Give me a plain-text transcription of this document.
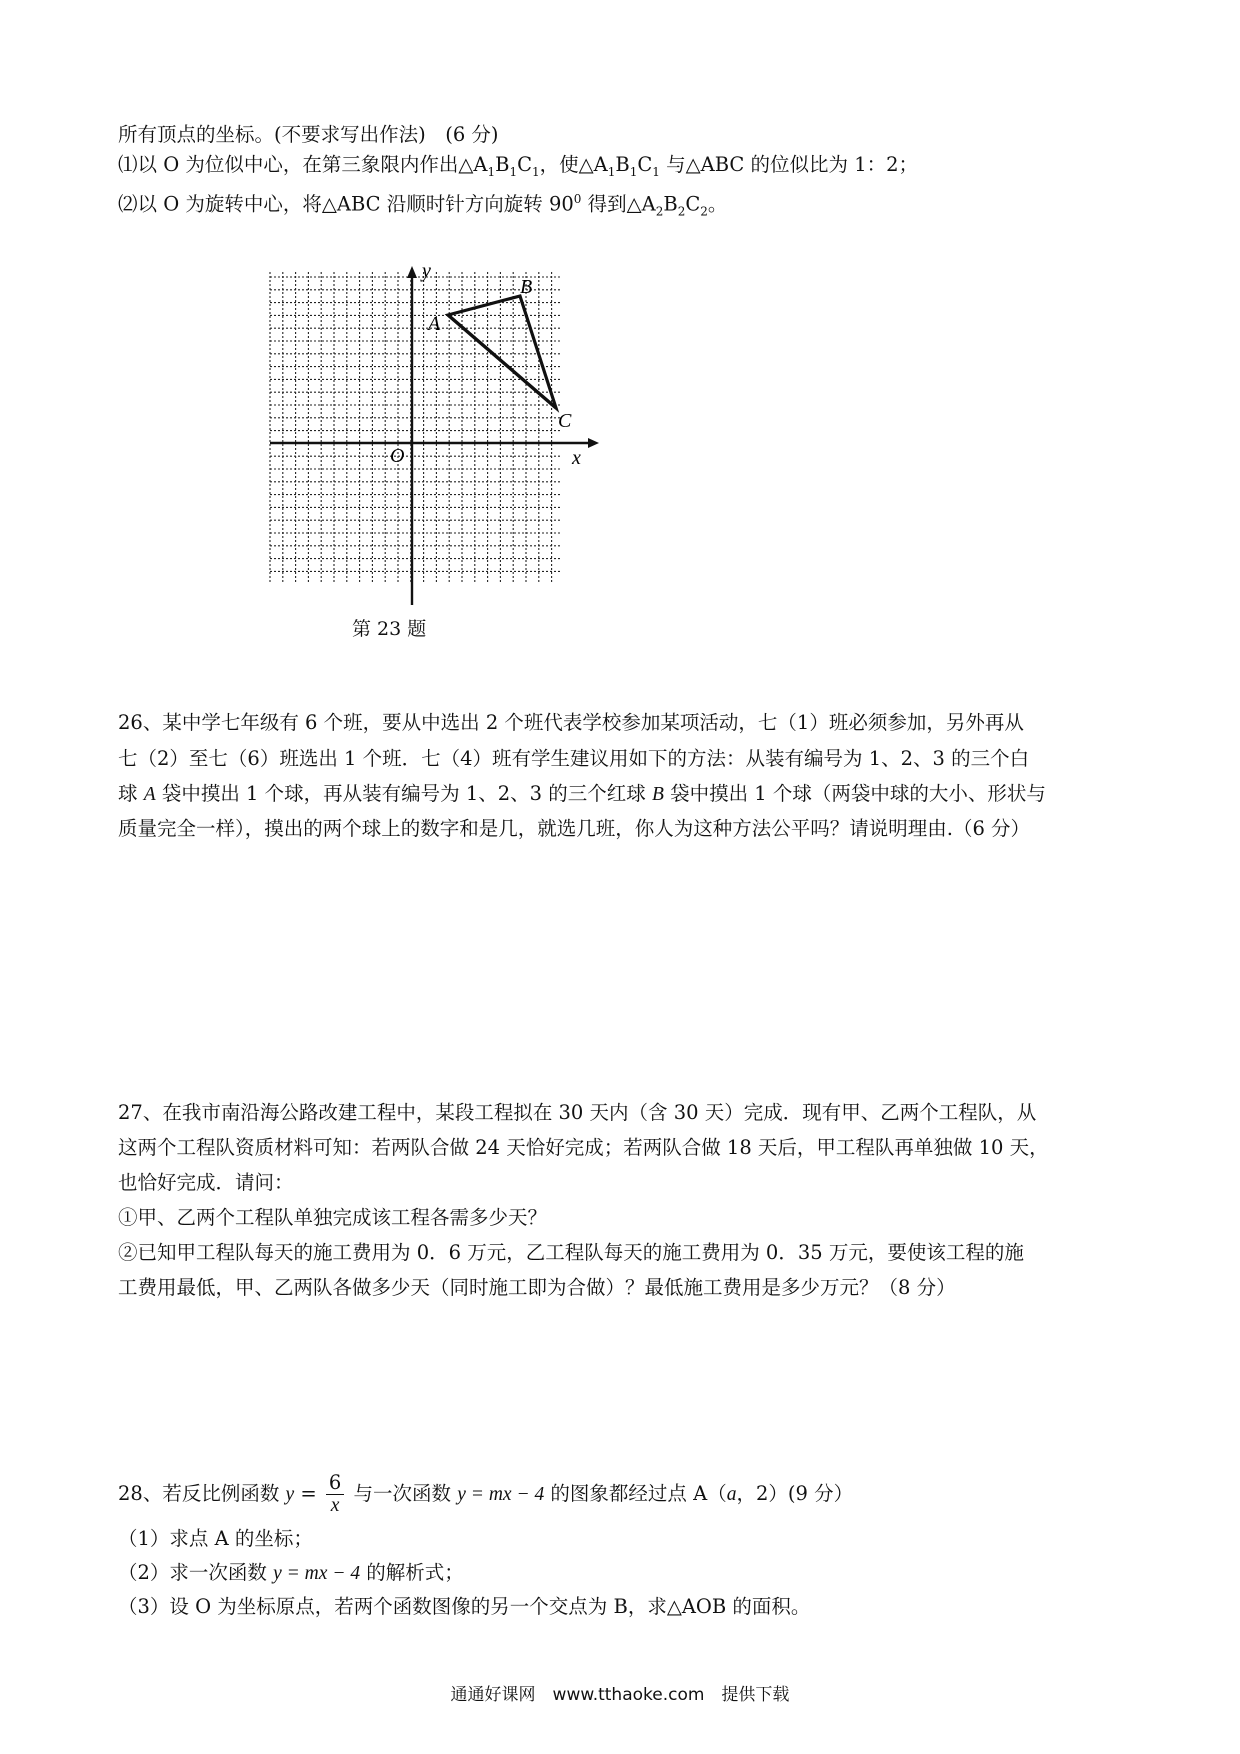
所有顶点的坐标。(不要求写出作法)　(6 分)
⑴以 O 为位似中心，在第三象限内作出$\triangle A_1B_1C_1$，使$\triangle A_1B_1C_1$ 与△ABC 的位似比为 1：2；
⑵以 O 为旋转中心，将△ABC 沿顺时针方向旋转 $90^0$ 得到$\triangle A_2B_2C_2$。
y
x
O
A
B
C
第 23 题
26、某中学七年级有 6 个班，要从中选出 2 个班代表学校参加某项活动，七（1）班必须参加，另外再从
七（2）至七（6）班选出 1 个班．七（4）班有学生建议用如下的方法：从装有编号为 1、2、3 的三个白
球 A 袋中摸出 1 个球，再从装有编号为 1、2、3 的三个红球 B 袋中摸出 1 个球（两袋中球的大小、形状与
质量完全一样），摸出的两个球上的数字和是几，就选几班，你人为这种方法公平吗？请说明理由.（6 分）
27、在我市南沿海公路改建工程中，某段工程拟在 30 天内（含 30 天）完成．现有甲、乙两个工程队，从
这两个工程队资质材料可知：若两队合做 24 天恰好完成；若两队合做 18 天后，甲工程队再单独做 10 天，
也恰好完成．请问：
①甲、乙两个工程队单独完成该工程各需多少天？
②已知甲工程队每天的施工费用为 0．6 万元，乙工程队每天的施工费用为 0．35 万元，要使该工程的施
工费用最低，甲、乙两队各做多少天（同时施工即为合做）？最低施工费用是多少万元？（8 分）
28、若反比例函数 $y = \frac{6}{x}$ 与一次函数 y = mx − 4 的图象都经过点 A（a，2）(9 分）
（1）求点 A 的坐标；
（2）求一次函数 y = mx − 4 的解析式；
（3）设 O 为坐标原点，若两个函数图像的另一个交点为 B，求△AOB 的面积。
通通好课网　www.tthaoke.com　提供下载
